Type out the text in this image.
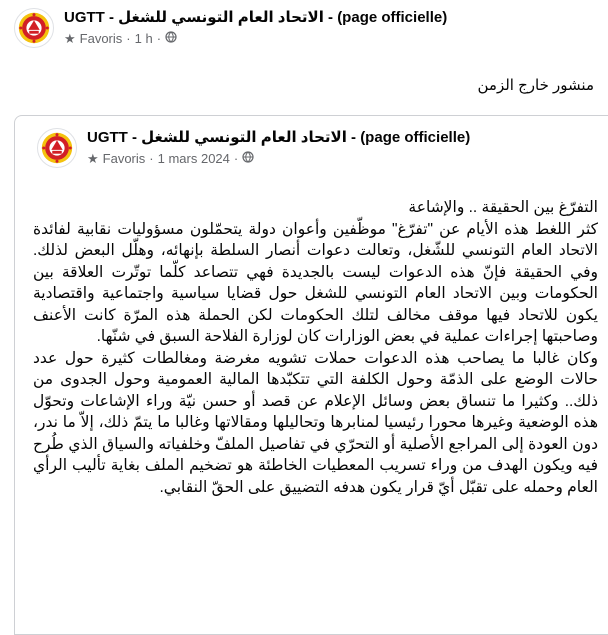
UGTT - الاتحاد العام التونسي للشغل - (page officielle)
★ Favoris · 1 h ·
منشور خارج الزمن
UGTT - الاتحاد العام التونسي للشغل - (page officielle)
★ Favoris · 1 mars 2024 ·

التفرّغ بين الحقيقة .. والإشاعة

كثر اللغط هذه الأيام عن "تفرّغ" موظّفين وأعوان دولة يتحمّلون مسؤوليات نقابية لفائدة الاتحاد العام التونسي للشّغل، وتعالت دعوات أنصار السلطة بإنهائه، وهلّل البعض لذلك. وفي الحقيقة فإنّ هذه الدعوات ليست بالجديدة فهي تتصاعد كلّما توتّرت العلاقة بين الحكومات وبين الاتحاد العام التونسي للشغل حول قضايا سياسية واجتماعية واقتصادية يكون للاتحاد فيها موقف مخالف لتلك الحكومات لكن الحملة هذه المرّة كانت الأعنف وصاحبتها إجراءات عملية في بعض الوزارات كان لوزارة الفلاحة السبق في شنّها.

وكان غالبا ما يصاحب هذه الدعوات حملات تشويه مغرضة ومغالطات كثيرة حول عدد حالات الوضع على الذمّة وحول الكلفة التي تتكبّدها المالية العمومية وحول الجدوى من ذلك.. وكثيرا ما تنساق بعض وسائل الإعلام عن قصد أو حسن نيّة وراء الإشاعات وتحوّل هذه الوضعية وغيرها محورا رئيسيا لمنابرها وتحاليلها ومقالاتها وغالبا ما يتمّ ذلك، إلاّ ما ندر، دون العودة إلى المراجع الأصلية أو التحرّي في تفاصيل الملفّ وخلفياته والسياق الذي طُرح فيه ويكون الهدف من وراء تسريب المعطيات الخاطئة هو تضخيم الملف بغاية تأليب الرأي العام وحمله على تقبّل أيّ قرار يكون هدفه التضييق على الحقّ النقابي.
